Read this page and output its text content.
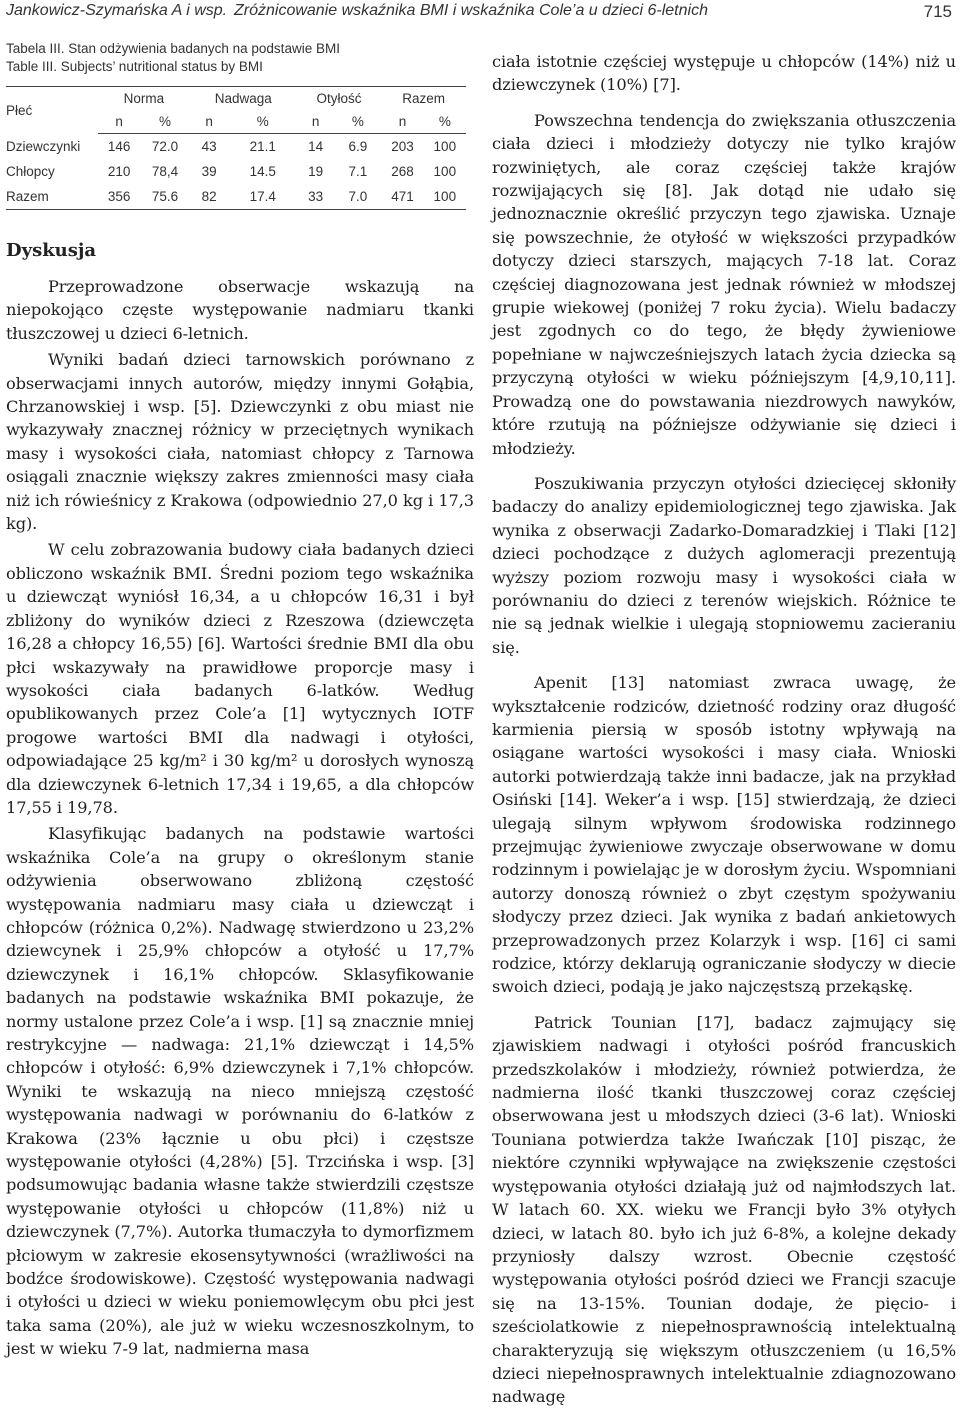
Jankowicz-Szymańska A i wsp. Zróżnicowanie wskaźnika BMI i wskaźnika Cole’a u dzieci 6-letnich	715
Tabela III. Stan odżywienia badanych na podstawie BMI
Table III. Subjects’ nutritional status by BMI
Płeć	Norma		Nadwaga		Otyłość		Razem	
	n	%	n	%	n	%	n	%
Dziewczynki	146	72.0	43	21.1	14	6.9	203	100
Chłopcy	210	78,4	39	14.5	19	7.1	268	100
Razem	356	75.6	82	17.4	33	7.0	471	100
Dyskusja

Przeprowadzone obserwacje wskazują na niepokojąco częste występowanie nadmiaru tkanki tłuszczowej u dzieci 6-letnich.

Wyniki badań dzieci tarnowskich porównano z obserwacjami innych autorów, między innymi Gołąbia, Chrzanowskiej i wsp. [5]. Dziewczynki z obu miast nie wykazywały znacznej różnicy w przeciętnych wynikach masy i wysokości ciała, natomiast chłopcy z Tarnowa osiągali znacznie większy zakres zmienności masy ciała niż ich rówieśnicy z Krakowa (odpowiednio 27,0 kg i 17,3 kg).

W celu zobrazowania budowy ciała badanych dzieci obliczono wskaźnik BMI. Średni poziom tego wskaźnika u dziewcząt wyniósł 16,34, a u chłopców 16,31 i był zbliżony do wyników dzieci z Rzeszowa (dziewczęta 16,28 a chłopcy 16,55) [6]. Wartości średnie BMI dla obu płci wskazywały na prawidłowe proporcje masy i wysokości ciała badanych 6-latków. Według opublikowanych przez Cole’a [1] wytycznych IOTF progowe wartości BMI dla nadwagi i otyłości, odpowiadające 25 kg/m² i 30 kg/m² u dorosłych wynoszą dla dziewczynek 6-letnich 17,34 i 19,65, a dla chłopców 17,55 i 19,78.

Klasyfikując badanych na podstawie wartości wskaźnika Cole’a na grupy o określonym stanie odżywienia obserwowano zbliżoną częstość występowania nadmiaru masy ciała u dziewcząt i chłopców (różnica 0,2%). Nadwagę stwierdzono u 23,2% dziewcynek i 25,9% chłopców a otyłość u 17,7% dziewczynek i 16,1% chłopców. Sklasyfikowanie badanych na podstawie wskaźnika BMI pokazuje, że normy ustalone przez Cole’a i wsp. [1] są znacznie mniej restrykcyjne — nadwaga: 21,1% dziewcząt i 14,5% chłopców i otyłość: 6,9% dziewczynek i 7,1% chłopców. Wyniki te wskazują na nieco mniejszą częstość występowania nadwagi w porównaniu do 6-latków z Krakowa (23% łącznie u obu płci) i częstsze występowanie otyłości (4,28%) [5]. Trzcińska i wsp. [3] podsumowując badania własne także stwierdzili częstsze występowanie otyłości u chłopców (11,8%) niż u dziewczynek (7,7%). Autorka tłumaczyła to dymorfizmem płciowym w zakresie ekosensytywności (wrażliwości na bodźce środowiskowe). Częstość występowania nadwagi i otyłości u dzieci w wieku poniemowlęcym obu płci jest taka sama (20%), ale już w wieku wczesnoszkolnym, to jest w wieku 7-9 lat, nadmierna masa

ciała istotnie częściej występuje u chłopców (14%) niż u dziewczynek (10%) [7].

Powszechna tendencja do zwiększania otłuszczenia ciała dzieci i młodzieży dotyczy nie tylko krajów rozwiniętych, ale coraz częściej także krajów rozwijających się [8]. Jak dotąd nie udało się jednoznacznie określić przyczyn tego zjawiska. Uznaje się powszechnie, że otyłość w większości przypadków dotyczy dzieci starszych, mających 7-18 lat. Coraz częściej diagnozowana jest jednak również w młodszej grupie wiekowej (poniżej 7 roku życia). Wielu badaczy jest zgodnych co do tego, że błędy żywieniowe popełniane w najwcześniejszych latach życia dziecka są przyczyną otyłości w wieku późniejszym [4,9,10,11]. Prowadzą one do powstawania niezdrowych nawyków, które rzutują na późniejsze odżywianie się dzieci i młodzieży.

Poszukiwania przyczyn otyłości dziecięcej skłoniły badaczy do analizy epidemiologicznej tego zjawiska. Jak wynika z obserwacji Zadarko-Domaradzkiej i Tlaki [12] dzieci pochodzące z dużych aglomeracji prezentują wyższy poziom rozwoju masy i wysokości ciała w porównaniu do dzieci z terenów wiejskich. Różnice te nie są jednak wielkie i ulegają stopniowemu zacieraniu się.

Apenit [13] natomiast zwraca uwagę, że wykształcenie rodziców, dzietność rodziny oraz długość karmienia piersią w sposób istotny wpływają na osiągane wartości wysokości i masy ciała. Wnioski autorki potwierdzają także inni badacze, jak na przykład Osiński [14]. Weker’a i wsp. [15] stwierdzają, że dzieci ulegają silnym wpływom środowiska rodzinnego przejmując żywieniowe zwyczaje obserwowane w domu rodzinnym i powielając je w dorosłym życiu. Wspomniani autorzy donoszą również o zbyt częstym spożywaniu słodyczy przez dzieci. Jak wynika z badań ankietowych przeprowadzonych przez Kolarzyk i wsp. [16] ci sami rodzice, którzy deklarują ograniczanie słodyczy w diecie swoich dzieci, podają je jako najczęstszą przekąskę.

Patrick Tounian [17], badacz zajmujący się zjawiskiem nadwagi i otyłości pośród francuskich przedszkolaków i młodzieży, również potwierdza, że nadmierna ilość tkanki tłuszczowej coraz częściej obserwowana jest u młodszych dzieci (3-6 lat). Wnioski Touniana potwierdza także Iwańczak [10] pisząc, że niektóre czynniki wpływające na zwiększenie częstości występowania otyłości działają już od najmłodszych lat. W latach 60. XX. wieku we Francji było 3% otyłych dzieci, w latach 80. było ich już 6-8%, a kolejne dekady przyniosły dalszy wzrost. Obecnie częstość występowania otyłości pośród dzieci we Francji szacuje się na 13-15%. Tounian dodaje, że pięcio- i sześciolatkowie z niepełnosprawnością intelektualną charakteryzują się większym otłuszczeniem (u 16,5% dzieci niepełnosprawnych intelektualnie zdiagnozowano nadwagę
